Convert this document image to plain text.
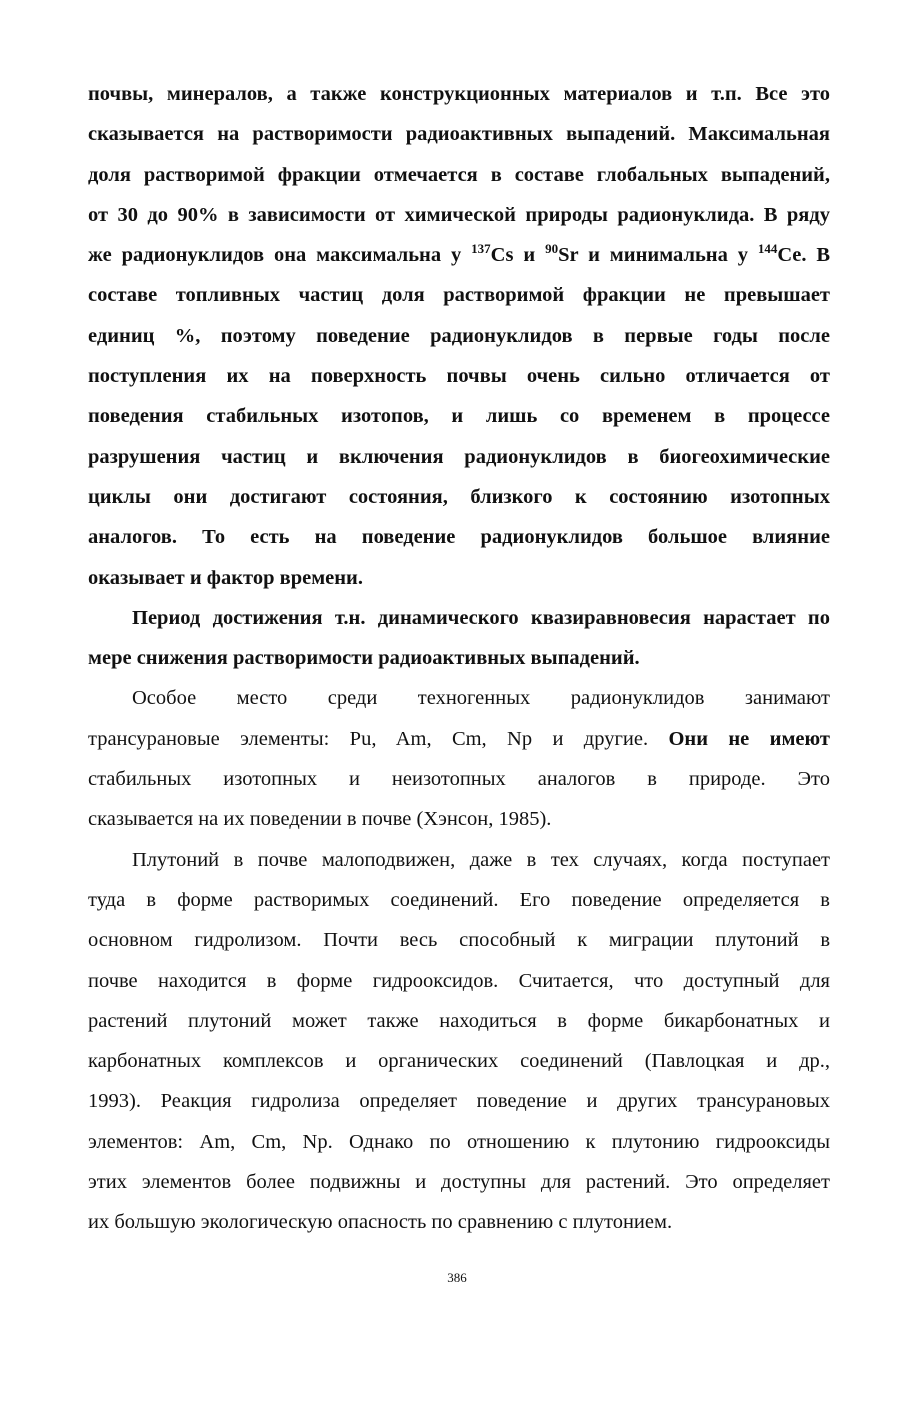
почвы, минералов, а также конструкционных материалов и т.п. Все это
сказывается на растворимости радиоактивных выпадений. Максимальная
доля растворимой фракции отмечается в составе глобальных выпадений,
от 30 до 90% в зависимости от химической природы радионуклида. В ряду
же радионуклидов она максимальна у $^{137}$Cs и $^{90}$Sr и минимальна у $^{144}$Ce. В
составе топливных частиц доля растворимой фракции не превышает
единиц %, поэтому поведение радионуклидов в первые годы после
поступления их на поверхность почвы очень сильно отличается от
поведения стабильных изотопов, и лишь со временем в процессе
разрушения частиц и включения радионуклидов в биогеохимические
циклы они достигают состояния, близкого к состоянию изотопных
аналогов. То есть на поведение радионуклидов большое влияние
оказывает и фактор времени.

Период достижения т.н. динамического квазиравновесия нарастает по
мере снижения растворимости радиоактивных выпадений.

Особое место среди техногенных радионуклидов занимают
трансурановые элементы: Pu, Am, Cm, Np и другие. Они не имеют
стабильных изотопных и неизотопных аналогов в природе. Это
сказывается на их поведении в почве (Хэнсон, 1985).

Плутоний в почве малоподвижен, даже в тех случаях, когда поступает
туда в форме растворимых соединений. Его поведение определяется в
основном гидролизом. Почти весь способный к миграции плутоний в
почве находится в форме гидрооксидов. Считается, что доступный для
растений плутоний может также находиться в форме бикарбонатных и
карбонатных комплексов и органических соединений (Павлоцкая и др.,
1993). Реакция гидролиза определяет поведение и других трансурановых
элементов: Am, Cm, Np. Однако по отношению к плутонию гидрооксиды
этих элементов более подвижны и доступны для растений. Это определяет
их большую экологическую опасность по сравнению с плутонием.

386
